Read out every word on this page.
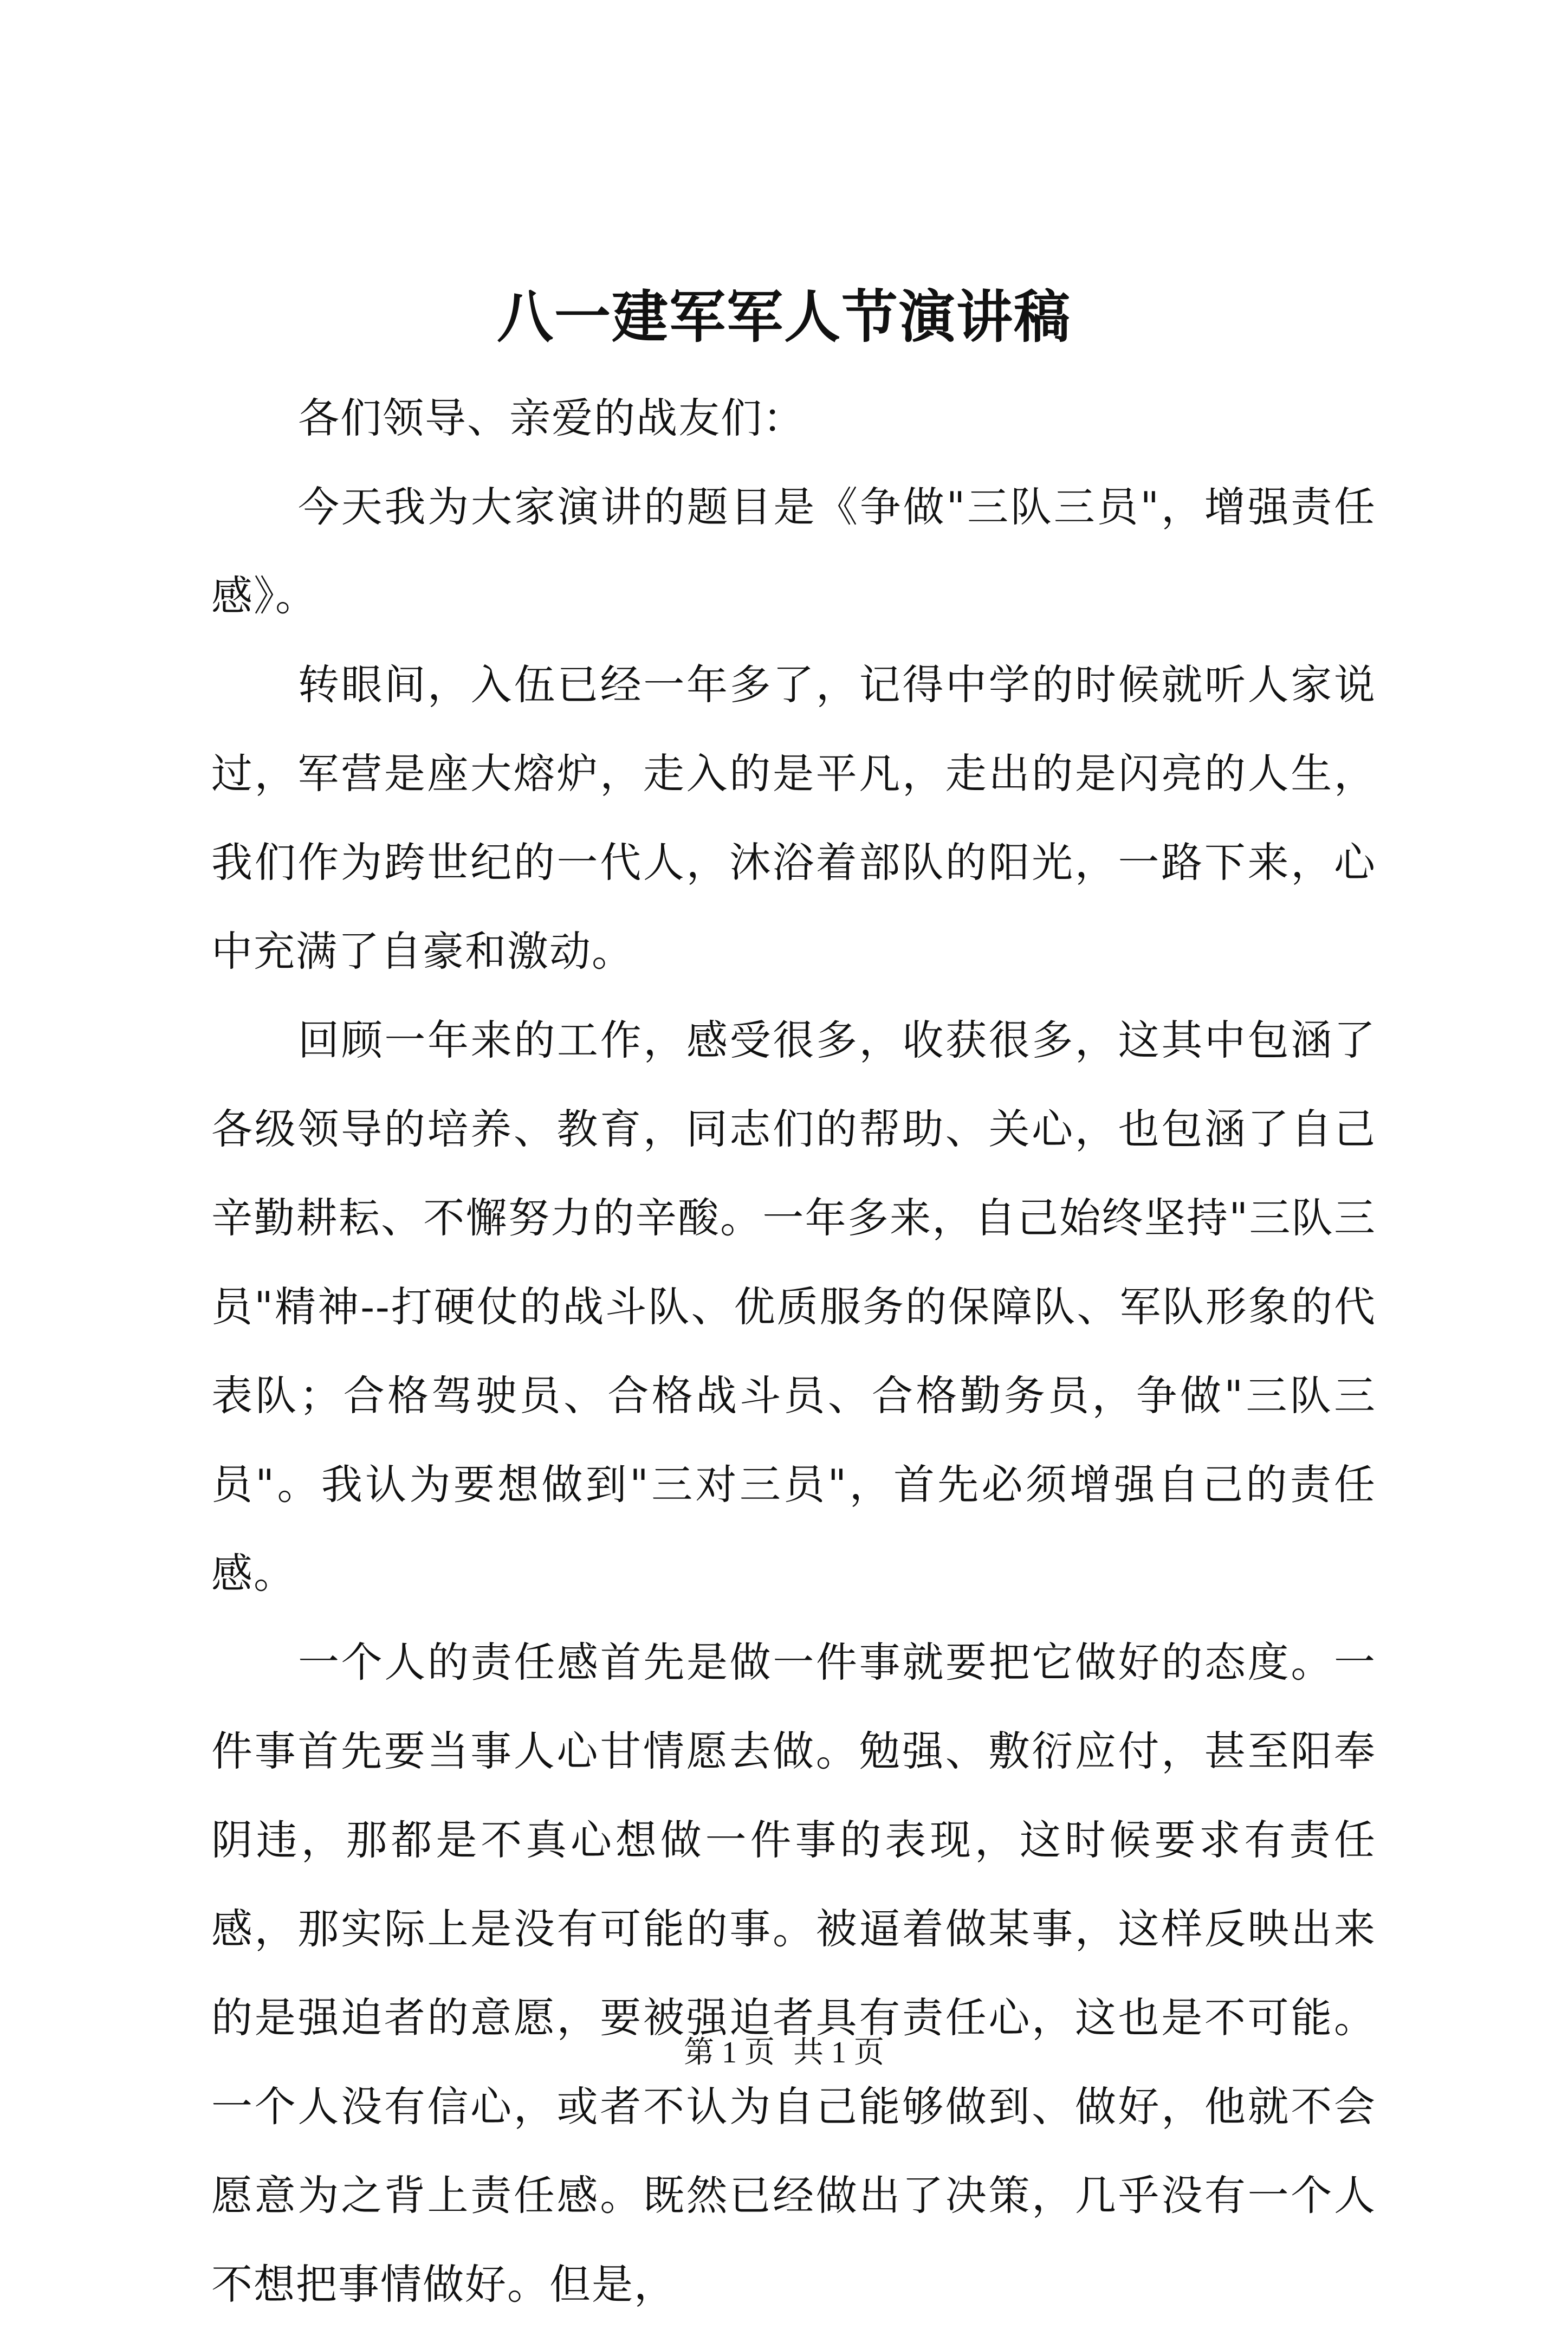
八一建军军人节演讲稿

各们领导、亲爱的战友们：

今天我为大家演讲的题目是《争做"三队三员"，增强责任感》。

转眼间，入伍已经一年多了，记得中学的时候就听人家说过，军营是座大熔炉，走入的是平凡，走出的是闪亮的人生，我们作为跨世纪的一代人，沐浴着部队的阳光，一路下来，心中充满了自豪和激动。

回顾一年来的工作，感受很多，收获很多，这其中包涵了各级领导的培养、教育，同志们的帮助、关心，也包涵了自己辛勤耕耘、不懈努力的辛酸。一年多来，自己始终坚持"三队三员"精神--打硬仗的战斗队、优质服务的保障队、军队形象的代表队；合格驾驶员、合格战斗员、合格勤务员，争做"三队三员"。我认为要想做到"三对三员"，首先必须增强自己的责任感。

一个人的责任感首先是做一件事就要把它做好的态度。一件事首先要当事人心甘情愿去做。勉强、敷衍应付，甚至阳奉阴违，那都是不真心想做一件事的表现，这时候要求有责任感，那实际上是没有可能的事。被逼着做某事，这样反映出来的是强迫者的意愿，要被强迫者具有责任心，这也是不可能。一个人没有信心，或者不认为自己能够做到、做好，他就不会愿意为之背上责任感。既然已经做出了决策，几乎没有一个人不想把事情做好。但是，

第 1 页 共 1 页
